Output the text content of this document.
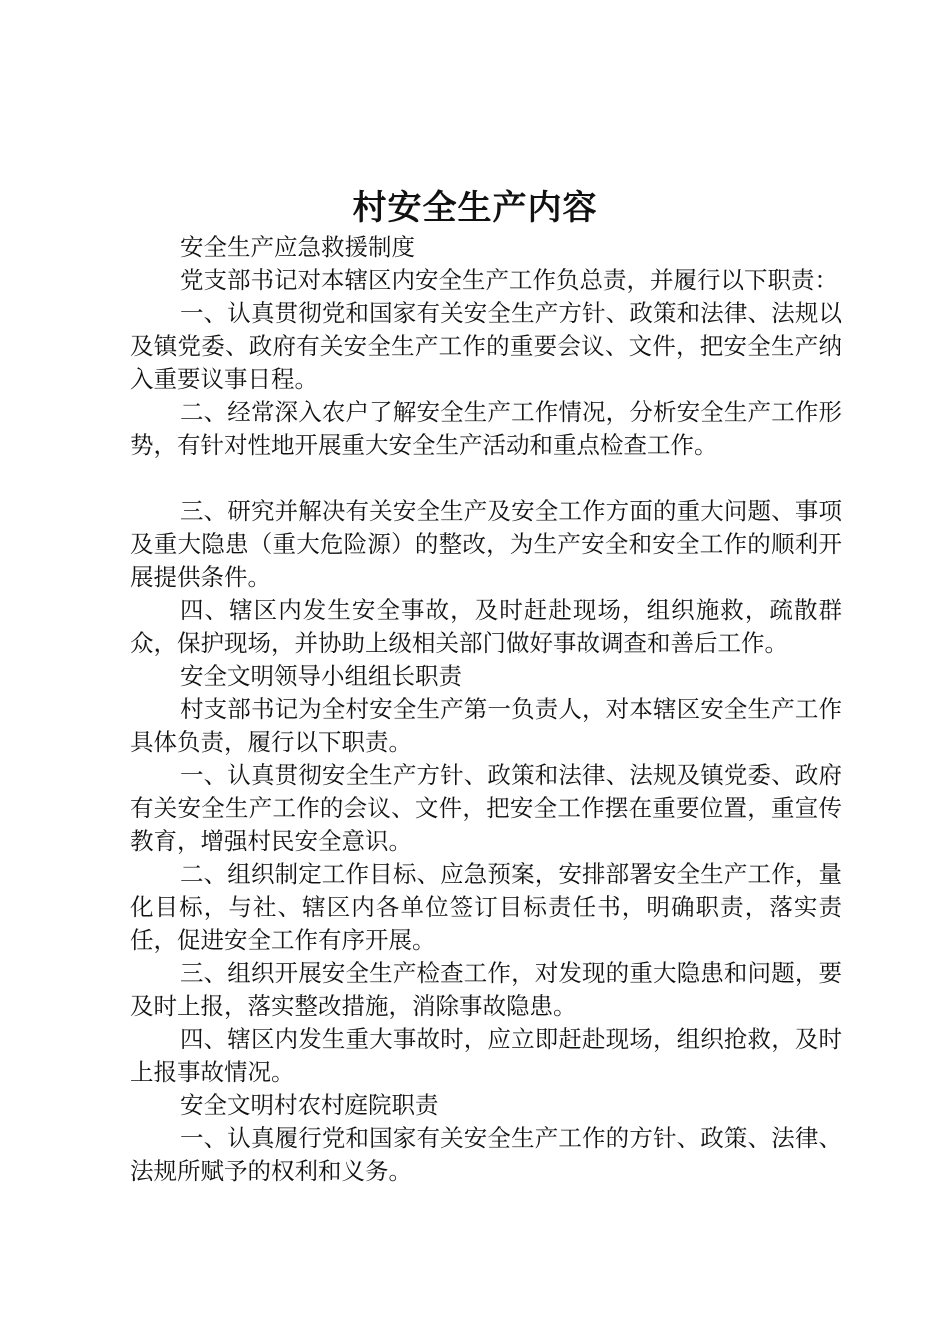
村安全生产内容

安全生产应急救援制度

党支部书记对本辖区内安全生产工作负总责，并履行以下职责：

一、认真贯彻党和国家有关安全生产方针、政策和法律、法规以及镇党委、政府有关安全生产工作的重要会议、文件，把安全生产纳入重要议事日程。

二、经常深入农户了解安全生产工作情况，分析安全生产工作形势，有针对性地开展重大安全生产活动和重点检查工作。

三、研究并解决有关安全生产及安全工作方面的重大问题、事项及重大隐患（重大危险源）的整改，为生产安全和安全工作的顺利开展提供条件。

四、辖区内发生安全事故，及时赶赴现场，组织施救，疏散群众，保护现场，并协助上级相关部门做好事故调查和善后工作。

安全文明领导小组组长职责

村支部书记为全村安全生产第一负责人，对本辖区安全生产工作具体负责，履行以下职责。

一、认真贯彻安全生产方针、政策和法律、法规及镇党委、政府有关安全生产工作的会议、文件，把安全工作摆在重要位置，重宣传教育，增强村民安全意识。

二、组织制定工作目标、应急预案，安排部署安全生产工作，量化目标，与社、辖区内各单位签订目标责任书，明确职责，落实责任，促进安全工作有序开展。

三、组织开展安全生产检查工作，对发现的重大隐患和问题，要及时上报，落实整改措施，消除事故隐患。

四、辖区内发生重大事故时，应立即赶赴现场，组织抢救，及时上报事故情况。

安全文明村农村庭院职责

一、认真履行党和国家有关安全生产工作的方针、政策、法律、法规所赋予的权利和义务。
